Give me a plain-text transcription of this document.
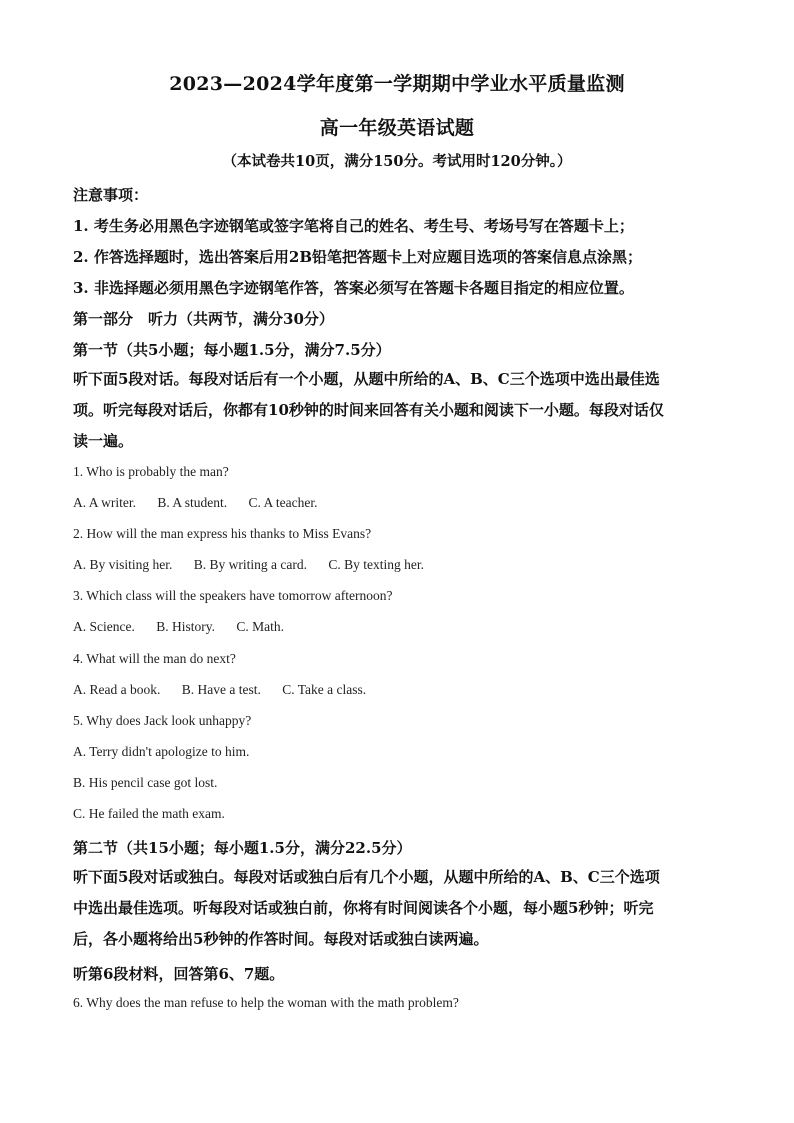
2023—2024学年度第一学期期中学业水平质量监测
高一年级英语试题
（本试卷共10页，满分150分。考试用时120分钟。）
注意事项：
1. 考生务必用黑色字迹钢笔或签字笔将自己的姓名、考生号、考场号写在答题卡上；
2. 作答选择题时，选出答案后用2B铅笔把答题卡上对应题目选项的答案信息点涂黑；
3. 非选择题必须用黑色字迹钢笔作答，答案必须写在答题卡各题目指定的相应位置。
第一部分　听力（共两节，满分30分）
第一节（共5小题；每小题1.5分，满分7.5分）
听下面5段对话。每段对话后有一个小题，从题中所给的A、B、C三个选项中选出最佳选
项。听完每段对话后，你都有10秒钟的时间来回答有关小题和阅读下一小题。每段对话仅
读一遍。
1. Who is probably the man?
A. A writer. B. A student. C. A teacher.
2. How will the man express his thanks to Miss Evans?
A. By visiting her. B. By writing a card. C. By texting her.
3. Which class will the speakers have tomorrow afternoon?
A. Science. B. History. C. Math.
4. What will the man do next?
A. Read a book. B. Have a test. C. Take a class.
5. Why does Jack look unhappy?
A. Terry didn't apologize to him.
B. His pencil case got lost.
C. He failed the math exam.
第二节（共15小题；每小题1.5分，满分22.5分）
听下面5段对话或独白。每段对话或独白后有几个小题，从题中所给的A、B、C三个选项
中选出最佳选项。听每段对话或独白前，你将有时间阅读各个小题，每小题5秒钟；听完
后，各小题将给出5秒钟的作答时间。每段对话或独白读两遍。
听第6段材料，回答第6、7题。
6. Why does the man refuse to help the woman with the math problem?
